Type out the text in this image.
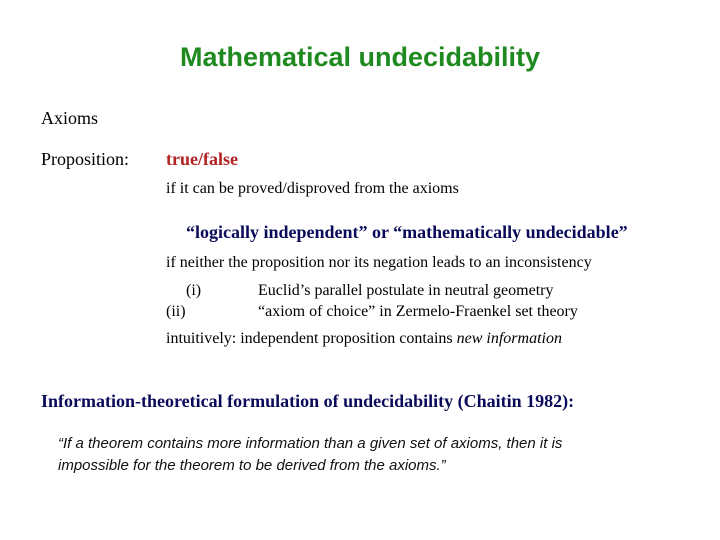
Mathematical undecidability
Axioms
Proposition: true/false
if it can be proved/disproved from the axioms
“logically independent” or “mathematically undecidable”
if neither the proposition nor its negation leads to an inconsistency
(i)	Euclid’s parallel postulate in neutral geometry
(ii)	“axiom of choice” in Zermelo-Fraenkel set theory
intuitively: independent proposition contains new information
Information-theoretical formulation of undecidability (Chaitin 1982):
“If a theorem contains more information than a given set of axioms, then it is
impossible for the theorem to be derived from the axioms.”
